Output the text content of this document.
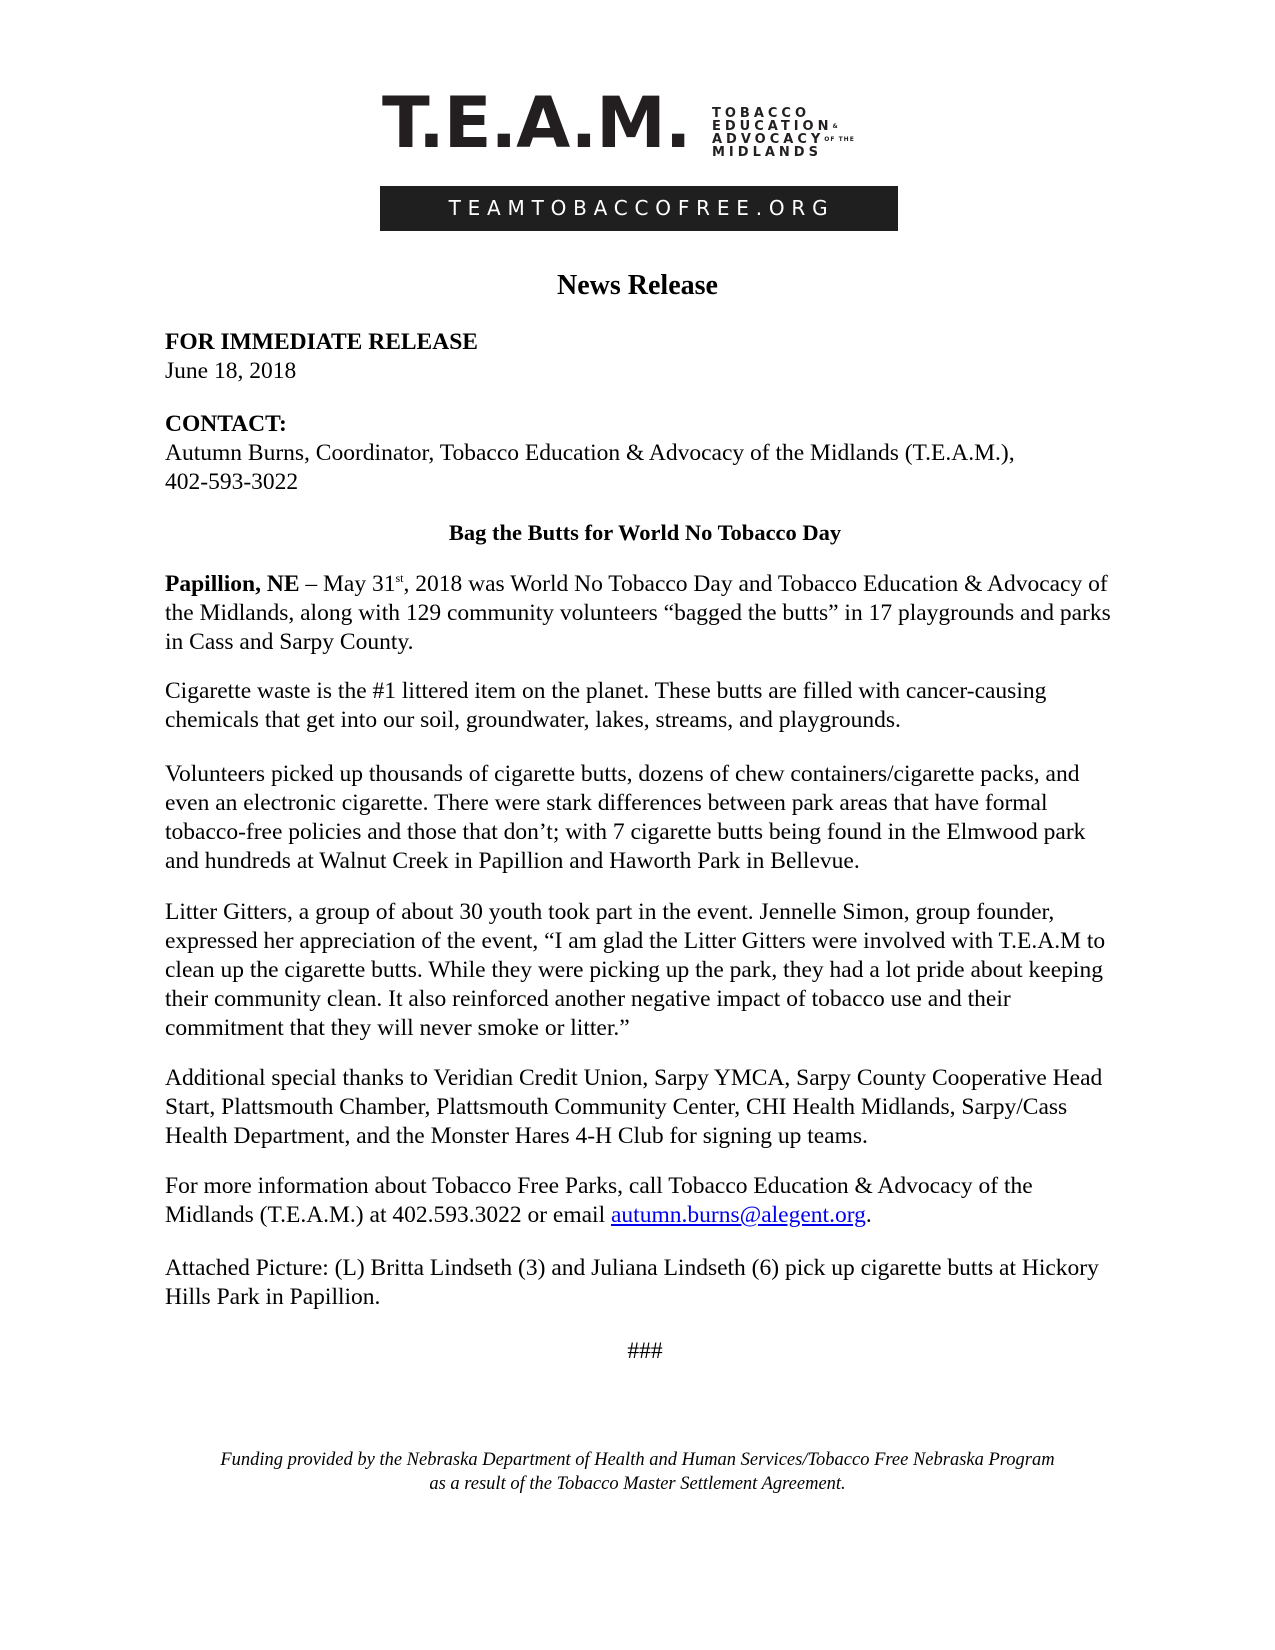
T.E.A.M. TOBACCO
EDUCATION&
ADVOCACYOF THE
MIDLANDS
TEAMTOBACCOFREE.ORG
News Release
FOR IMMEDIATE RELEASE
June 18, 2018
CONTACT:
Autumn Burns, Coordinator, Tobacco Education & Advocacy of the Midlands (T.E.A.M.),
402-593-3022
Bag the Butts for World No Tobacco Day
Papillion, NE – May 31st, 2018 was World No Tobacco Day and Tobacco Education & Advocacy of the Midlands, along with 129 community volunteers “bagged the butts” in 17 playgrounds and parks in Cass and Sarpy County.
Cigarette waste is the #1 littered item on the planet. These butts are filled with cancer-causing chemicals that get into our soil, groundwater, lakes, streams, and playgrounds.
Volunteers picked up thousands of cigarette butts, dozens of chew containers/cigarette packs, and even an electronic cigarette. There were stark differences between park areas that have formal tobacco-free policies and those that don’t; with 7 cigarette butts being found in the Elmwood park and hundreds at Walnut Creek in Papillion and Haworth Park in Bellevue.
Litter Gitters, a group of about 30 youth took part in the event. Jennelle Simon, group founder, expressed her appreciation of the event, “I am glad the Litter Gitters were involved with T.E.A.M to clean up the cigarette butts. While they were picking up the park, they had a lot pride about keeping their community clean. It also reinforced another negative impact of tobacco use and their commitment that they will never smoke or litter.”
Additional special thanks to Veridian Credit Union, Sarpy YMCA, Sarpy County Cooperative Head Start, Plattsmouth Chamber, Plattsmouth Community Center, CHI Health Midlands, Sarpy/Cass Health Department, and the Monster Hares 4-H Club for signing up teams.
For more information about Tobacco Free Parks, call Tobacco Education & Advocacy of the Midlands (T.E.A.M.) at 402.593.3022 or email autumn.burns@alegent.org.
Attached Picture: (L) Britta Lindseth (3) and Juliana Lindseth (6) pick up cigarette butts at Hickory Hills Park in Papillion.
###
Funding provided by the Nebraska Department of Health and Human Services/Tobacco Free Nebraska Program
as a result of the Tobacco Master Settlement Agreement.
